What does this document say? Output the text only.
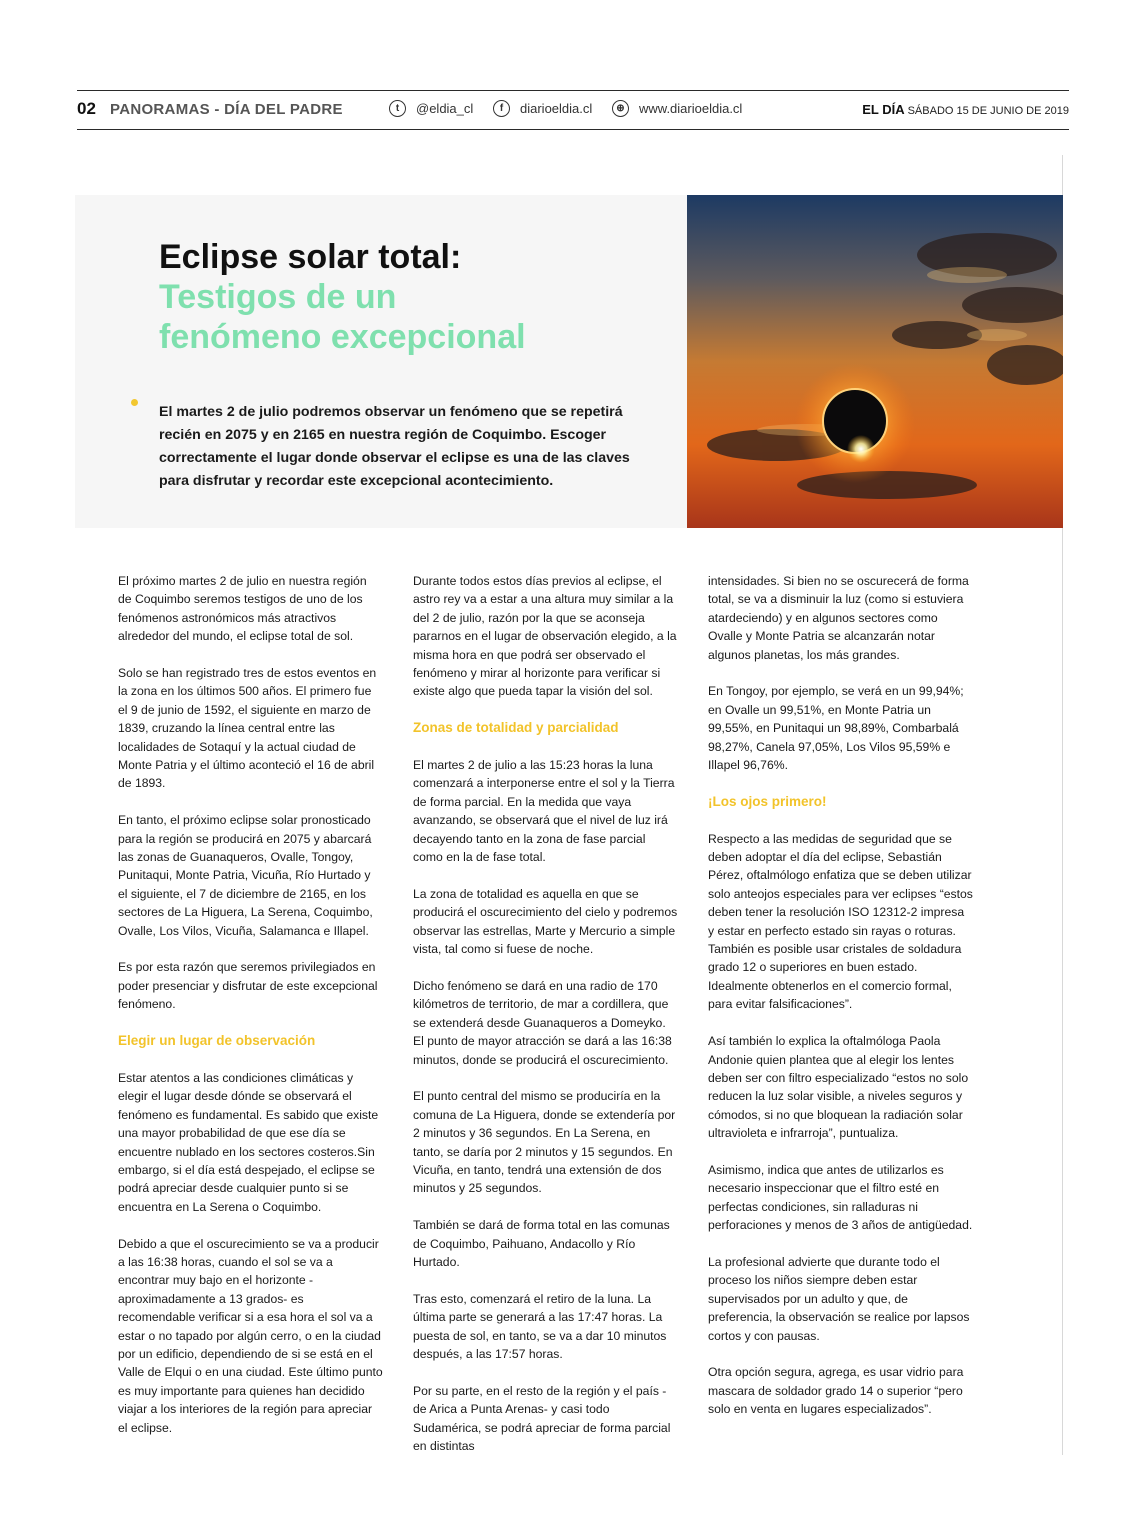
02 PANORAMAS - DÍA DEL PADRE	t	@eldia_cl	f	diarioeldia.cl	⊕	www.diarioeldia.cl	EL DÍA SÁBADO 15 DE JUNIO DE 2019
Eclipse solar total:
Testigos de un
fenómeno excepcional

El martes 2 de julio podremos observar un fenómeno que se repetirá recién en 2075 y en 2165 en nuestra región de Coquimbo. Escoger correctamente el lugar donde observar el eclipse es una de las claves para disfrutar y recordar este excepcional acontecimiento.

El próximo martes 2 de julio en nuestra región de Coquimbo seremos testigos de uno de los fenómenos astronómicos más atractivos alrededor del mundo, el eclipse total de sol.

Solo se han registrado tres de estos eventos en la zona en los últimos 500 años. El primero fue el 9 de junio de 1592, el siguiente en marzo de 1839, cruzando la línea central entre las localidades de Sotaquí y la actual ciudad de Monte Patria y el último aconteció el 16 de abril de 1893.

En tanto, el próximo eclipse solar pronosticado para la región se producirá en 2075 y abarcará las zonas de Guanaqueros, Ovalle, Tongoy, Punitaqui, Monte Patria, Vicuña, Río Hurtado y el siguiente, el 7 de diciembre de 2165, en los sectores de La Higuera, La Serena, Coquimbo, Ovalle, Los Vilos, Vicuña, Salamanca e Illapel.

Es por esta razón que seremos privilegiados en poder presenciar y disfrutar de este excepcional fenómeno.

Elegir un lugar de observación

Estar atentos a las condiciones climáticas y elegir el lugar desde dónde se observará el fenómeno es fundamental. Es sabido que existe una mayor probabilidad de que ese día se encuentre nublado en los sectores costeros.Sin embargo, si el día está despejado, el eclipse se podrá apreciar desde cualquier punto si se encuentra en La Serena o Coquimbo.

Debido a que el oscurecimiento se va a producir a las 16:38 horas, cuando el sol se va a encontrar muy bajo en el horizonte -aproximadamente a 13 grados- es recomendable verificar si a esa hora el sol va a estar o no tapado por algún cerro, o en la ciudad por un edificio, dependiendo de si se está en el Valle de Elqui o en una ciudad. Este último punto es muy importante para quienes han decidido viajar a los interiores de la región para apreciar el eclipse.

Durante todos estos días previos al eclipse, el astro rey va a estar a una altura muy similar a la del 2 de julio, razón por la que se aconseja pararnos en el lugar de observación elegido, a la misma hora en que podrá ser observado el fenómeno y mirar al horizonte para verificar si existe algo que pueda tapar la visión del sol.

Zonas de totalidad y parcialidad

El martes 2 de julio a las 15:23 horas la luna comenzará a interponerse entre el sol y la Tierra de forma parcial. En la medida que vaya avanzando, se observará que el nivel de luz irá decayendo tanto en la zona de fase parcial como en la de fase total.

La zona de totalidad es aquella en que se producirá el oscurecimiento del cielo y podremos observar las estrellas, Marte y Mercurio a simple vista, tal como si fuese de noche.

Dicho fenómeno se dará en una radio de 170 kilómetros de territorio, de mar a cordillera, que se extenderá desde Guanaqueros a Domeyko. El punto de mayor atracción se dará a las 16:38 minutos, donde se producirá el oscurecimiento.

El punto central del mismo se produciría en la comuna de La Higuera, donde se extendería por 2 minutos y 36 segundos. En La Serena, en tanto, se daría por 2 minutos y 15 segundos. En Vicuña, en tanto, tendrá una extensión de dos minutos y 25 segundos.

También se dará de forma total en las comunas de Coquimbo, Paihuano, Andacollo y Río Hurtado.

Tras esto, comenzará el retiro de la luna. La última parte se generará a las 17:47 horas. La puesta de sol, en tanto, se va a dar 10 minutos después, a las 17:57 horas.

Por su parte, en el resto de la región y el país -de Arica a Punta Arenas- y casi todo Sudamérica, se podrá apreciar de forma parcial en distintas

intensidades. Si bien no se oscurecerá de forma total, se va a disminuir la luz (como si estuviera atardeciendo) y en algunos sectores como Ovalle y Monte Patria se alcanzarán notar algunos planetas, los más grandes.

En Tongoy, por ejemplo, se verá en un 99,94%; en Ovalle un 99,51%, en Monte Patria un 99,55%, en Punitaqui un 98,89%, Combarbalá 98,27%, Canela 97,05%, Los Vilos 95,59% e Illapel 96,76%.

¡Los ojos primero!

Respecto a las medidas de seguridad que se deben adoptar el día del eclipse, Sebastián Pérez, oftalmólogo enfatiza que se deben utilizar solo anteojos especiales para ver eclipses “estos deben tener la resolución ISO 12312-2 impresa y estar en perfecto estado sin rayas o roturas. También es posible usar cristales de soldadura grado 12 o superiores en buen estado. Idealmente obtenerlos en el comercio formal, para evitar falsificaciones”.

Así también lo explica la oftalmóloga Paola Andonie quien plantea que al elegir los lentes deben ser con filtro especializado “estos no solo reducen la luz solar visible, a niveles seguros y cómodos, si no que bloquean la radiación solar ultravioleta e infrarroja”, puntualiza.

Asimismo, indica que antes de utilizarlos es necesario inspeccionar que el filtro esté en perfectas condiciones, sin ralladuras ni perforaciones y menos de 3 años de antigüedad.

La profesional advierte que durante todo el proceso los niños siempre deben estar supervisados por un adulto y que, de preferencia, la observación se realice por lapsos cortos y con pausas.

Otra opción segura, agrega, es usar vidrio para mascara de soldador grado 14 o superior “pero solo en venta en lugares especializados”.
